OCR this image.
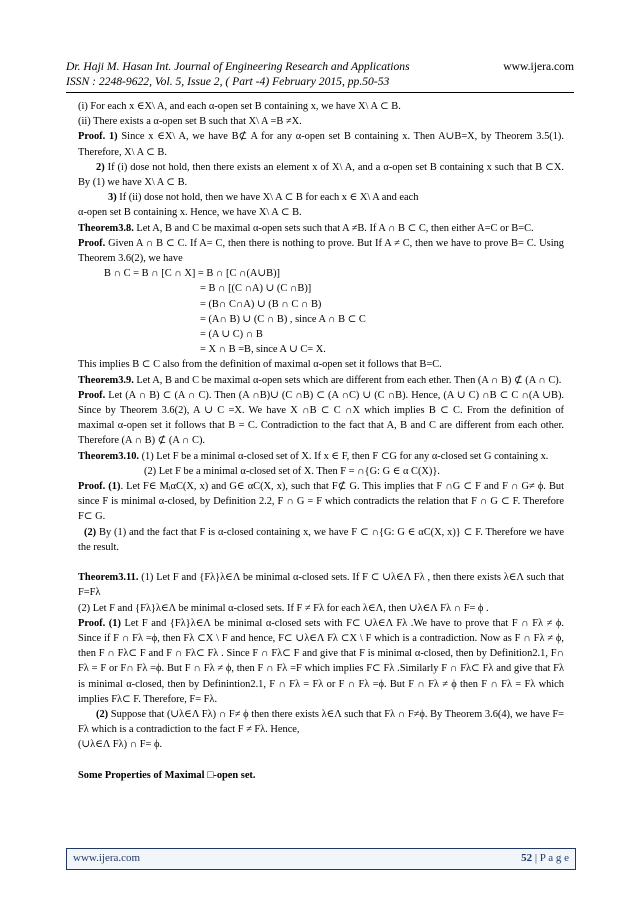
Dr. Haji M. Hasan Int. Journal of Engineering Research and Applications	www.ijera.com
ISSN : 2248-9622, Vol. 5, Issue 2, ( Part -4) February 2015, pp.50-53

(i) For each x ∈X\ A, and each α-open set B containing x, we have X\ A ⊂ B.

(ii) There exists a α-open set B such that X\ A =B ≠X.

Proof. 1) Since x ∈X\ A, we have B⊄ A for any α-open set B containing x. Then A∪B=X, by Theorem 3.5(1). Therefore, X\ A ⊂ B.

2) If (i) dose not hold, then there exists an element x of X\ A, and a α-open set B containing x such that B ⊂X. By (1) we have X\ A ⊂ B.

3) If (ii) dose not hold, then we have X\ A ⊂ B for each x ∈ X\ A and each

α-open set B containing x. Hence, we have X\ A ⊂ B.

Theorem3.8. Let A, B and C be maximal α-open sets such that A ≠B. If A ∩ B ⊂ C, then either A=C or B=C.

Proof. Given A ∩ B ⊂ C. If A= C, then there is nothing to prove. But If A ≠ C, then we have to prove B= C. Using Theorem 3.6(2), we have

B ∩ C = B ∩ [C ∩ X] = B ∩ [C ∩(A∪B)]

= B ∩ [(C ∩A) ∪ (C ∩B)]

= (B∩ C∩A) ∪ (B ∩ C ∩ B)

= (A∩ B) ∪ (C ∩ B) , since A ∩ B ⊂ C

= (A ∪ C) ∩ B

= X ∩ B =B, since A ∪ C= X.

This implies B ⊂ C also from the definition of maximal α-open set it follows that B=C.

Theorem3.9. Let A, B and C be maximal α-open sets which are different from each ether. Then (A ∩ B) ⊄ (A ∩ C).

Proof. Let (A ∩ B) ⊂ (A ∩ C). Then (A ∩B)∪ (C ∩B) ⊂ (A ∩C) ∪ (C ∩B). Hence, (A ∪ C) ∩B ⊂ C ∩(A ∪B). Since by Theorem 3.6(2), A ∪ C =X. We have X ∩B ⊂ C ∩X which implies B ⊂ C. From the definition of maximal α-open set it follows that B = C. Contradiction to the fact that A, B and C are different from each other. Therefore (A ∩ B) ⊄ (A ∩ C).

Theorem3.10. (1) Let F be a minimal α-closed set of X. If x ∈ F, then F ⊂G for any α-closed set G containing x.

(2) Let F be a minimal α-closed set of X. Then F = ∩{G: G ∈ α C(X)}.

Proof. (1). Let F∈ MᵢαC(X, x) and G∈ αC(X, x), such that F⊄ G. This implies that F ∩G ⊂ F and F ∩ G≠ ϕ. But since F is minimal α-closed, by Definition 2.2, F ∩ G = F which contradicts the relation that F ∩ G ⊂ F. Therefore F⊂ G.

(2) By (1) and the fact that F is α-closed containing x, we have F ⊂ ∩{G: G ∈ αC(X, x)} ⊂ F. Therefore we have the result.

Theorem3.11. (1) Let F and {Fλ}λ∈Λ be minimal α-closed sets. If F ⊂ ∪λ∈Λ Fλ , then there exists λ∈Λ such that F=Fλ

(2) Let F and {Fλ}λ∈Λ be minimal α-closed sets. If F ≠ Fλ for each λ∈Λ, then ∪λ∈Λ Fλ ∩ F= ϕ .

Proof. (1) Let F and {Fλ}λ∈Λ be minimal α-closed sets with F⊂ ∪λ∈Λ Fλ .We have to prove that F ∩ Fλ ≠ ϕ. Since if F ∩ Fλ =ϕ, then Fλ ⊂X \ F and hence, F⊂ ∪λ∈Λ Fλ ⊂X \ F which is a contradiction. Now as F ∩ Fλ ≠ ϕ, then F ∩ Fλ⊂ F and F ∩ Fλ⊂ Fλ . Since F ∩ Fλ⊂ F and give that F is minimal α-closed, then by Definition2.1, F∩ Fλ = F or F∩ Fλ =ϕ. But F ∩ Fλ ≠ ϕ, then F ∩ Fλ =F which implies F⊂ Fλ .Similarly F ∩ Fλ⊂ Fλ and give that Fλ is minimal α-closed, then by Definintion2.1, F ∩ Fλ = Fλ or F ∩ Fλ =ϕ. But F ∩ Fλ ≠ ϕ then F ∩ Fλ = Fλ which implies Fλ⊂ F. Therefore, F= Fλ.

(2) Suppose that (∪λ∈Λ Fλ) ∩ F≠ ϕ then there exists λ∈Λ such that Fλ ∩ F≠ϕ. By Theorem 3.6(4), we have F= Fλ which is a contradiction to the fact F ≠ Fλ. Hence,

(∪λ∈Λ Fλ) ∩ F= ϕ.

Some Properties of Maximal □-open set.

www.ijera.com	52 | P a g e
